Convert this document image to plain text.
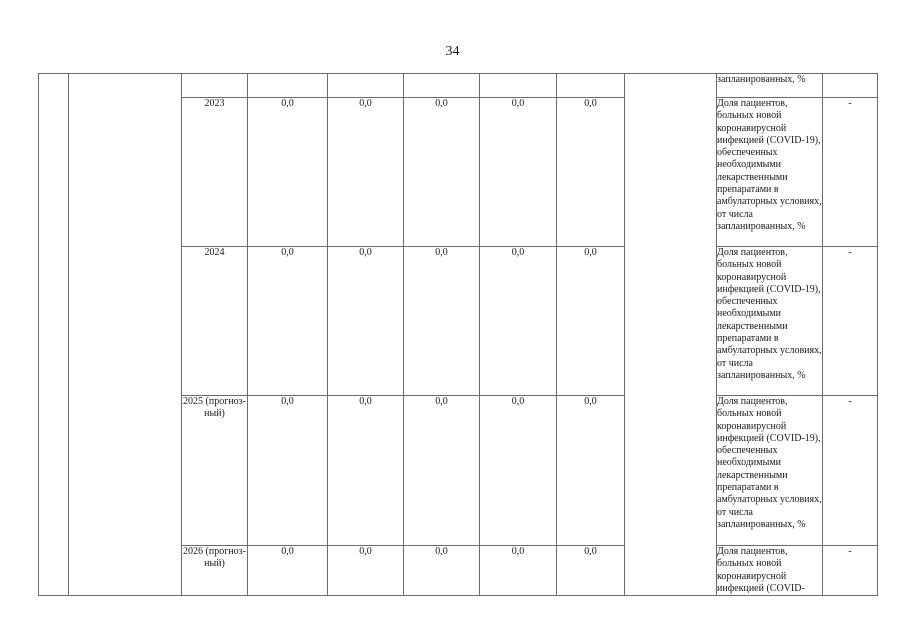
34
									запланированных, %	
		2023	0,0	0,0	0,0	0,0	0,0		Доля пациентов, больных новой коронавирусной инфекцией (COVID-19), обеспеченных необходимыми лекарственными препаратами в амбулаторных условиях, от числа запланированных, %	-
		2024	0,0	0,0	0,0	0,0	0,0		Доля пациентов, больных новой коронавирусной инфекцией (COVID-19), обеспеченных необходимыми лекарственными препаратами в амбулаторных условиях, от числа запланированных, %	-
		2025 (прогноз-ный)	0,0	0,0	0,0	0,0	0,0		Доля пациентов, больных новой коронавирусной инфекцией (COVID-19), обеспеченных необходимыми лекарственными препаратами в амбулаторных условиях, от числа запланированных, %	-
		2026 (прогноз-ный)	0,0	0,0	0,0	0,0	0,0		Доля пациентов, больных новой коронавирусной инфекцией (COVID-	-
